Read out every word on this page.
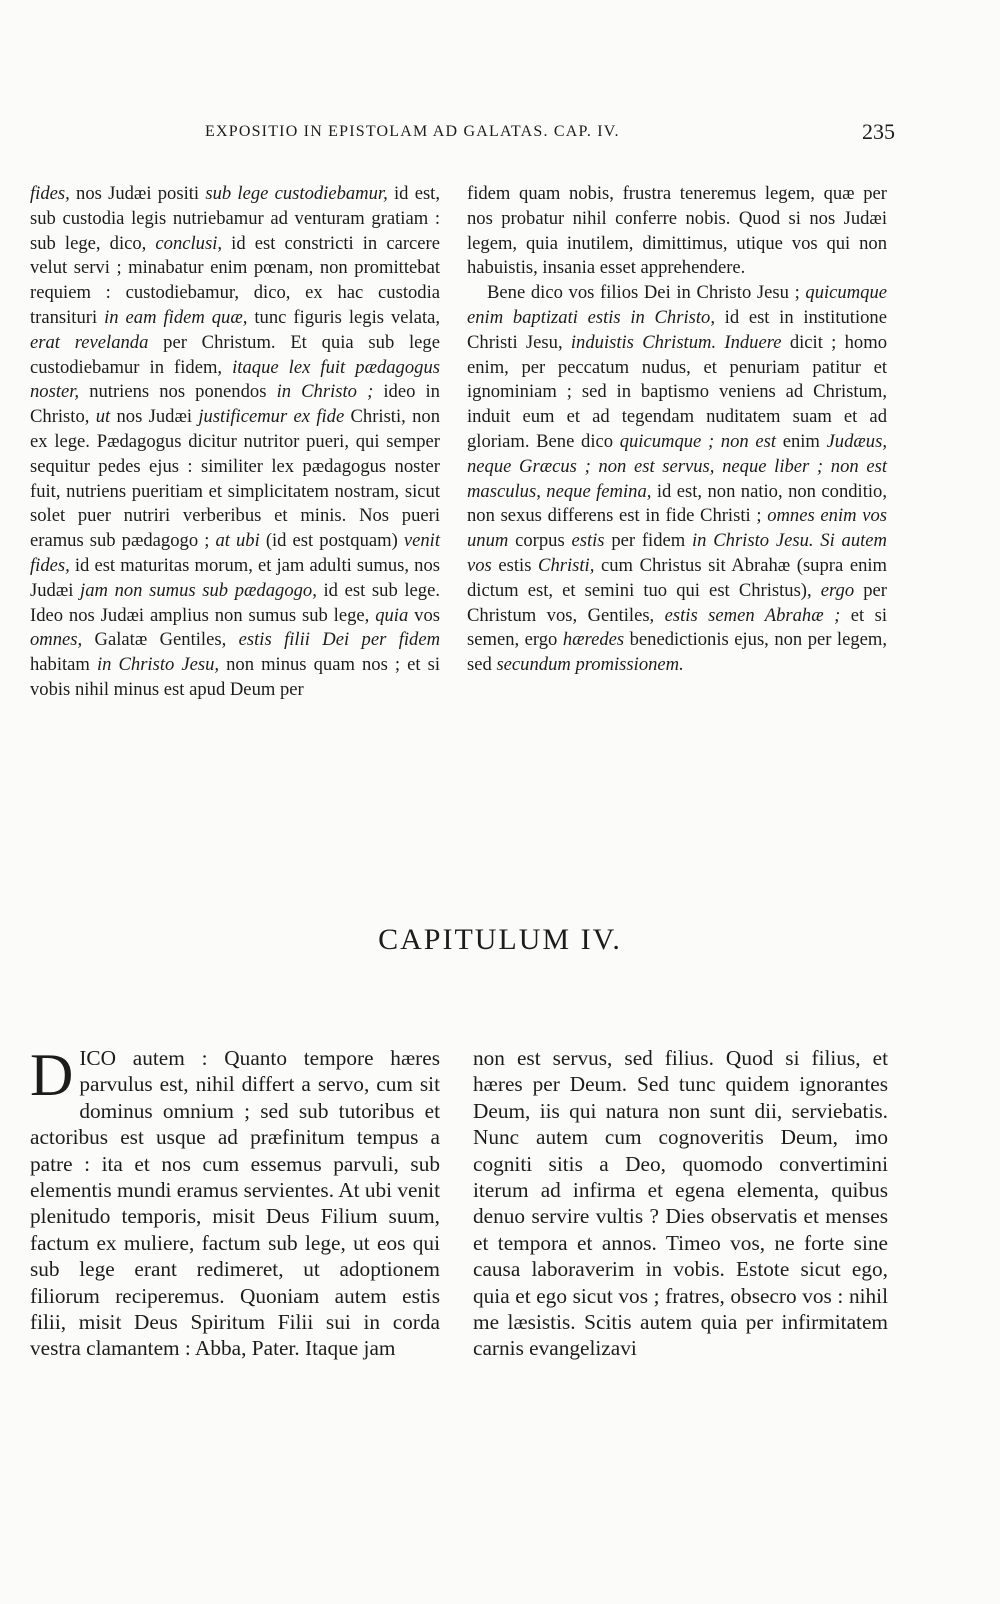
EXPOSITIO IN EPISTOLAM AD GALATAS. CAP. IV.	235

fides, nos Judæi positi sub lege custodiebamur, id est, sub custodia legis nutriebamur ad venturam gratiam : sub lege, dico, conclusi, id est constricti in carcere velut servi ; minabatur enim pœnam, non promittebat requiem : custodiebamur, dico, ex hac custodia transituri in eam fidem quæ, tunc figuris legis velata, erat revelanda per Christum. Et quia sub lege custodiebamur in fidem, itaque lex fuit pædagogus noster, nutriens nos ponendos in Christo ; ideo in Christo, ut nos Judæi justificemur ex fide Christi, non ex lege. Pædagogus dicitur nutritor pueri, qui semper sequitur pedes ejus : similiter lex pædagogus noster fuit, nutriens pueritiam et simplicitatem nostram, sicut solet puer nutriri verberibus et minis. Nos pueri eramus sub pædagogo ; at ubi (id est postquam) venit fides, id est maturitas morum, et jam adulti sumus, nos Judæi jam non sumus sub pædagogo, id est sub lege. Ideo nos Judæi amplius non sumus sub lege, quia vos omnes, Galatæ Gentiles, estis filii Dei per fidem habitam in Christo Jesu, non minus quam nos ; et si vobis nihil minus est apud Deum per

fidem quam nobis, frustra teneremus legem, quæ per nos probatur nihil conferre nobis. Quod si nos Judæi legem, quia inutilem, dimittimus, utique vos qui non habuistis, insania esset apprehendere.

Bene dico vos filios Dei in Christo Jesu ; quicumque enim baptizati estis in Christo, id est in institutione Christi Jesu, induistis Christum. Induere dicit ; homo enim, per peccatum nudus, et penuriam patitur et ignominiam ; sed in baptismo veniens ad Christum, induit eum et ad tegendam nuditatem suam et ad gloriam. Bene dico quicumque ; non est enim Judæus, neque Græcus ; non est servus, neque liber ; non est masculus, neque femina, id est, non natio, non conditio, non sexus differens est in fide Christi ; omnes enim vos unum corpus estis per fidem in Christo Jesu. Si autem vos estis Christi, cum Christus sit Abrahæ (supra enim dictum est, et semini tuo qui est Christus), ergo per Christum vos, Gentiles, estis semen Abrahæ ; et si semen, ergo hæredes benedictionis ejus, non per legem, sed secundum promissionem.

CAPITULUM IV.

DICO autem : Quanto tempore hæres parvulus est, nihil differt a servo, cum sit dominus omnium ; sed sub tutoribus et actoribus est usque ad præfinitum tempus a patre : ita et nos cum essemus parvuli, sub elementis mundi eramus servientes. At ubi venit plenitudo temporis, misit Deus Filium suum, factum ex muliere, factum sub lege, ut eos qui sub lege erant redimeret, ut adoptionem filiorum reciperemus. Quoniam autem estis filii, misit Deus Spiritum Filii sui in corda vestra clamantem : Abba, Pater. Itaque jam

non est servus, sed filius. Quod si filius, et hæres per Deum. Sed tunc quidem ignorantes Deum, iis qui natura non sunt dii, serviebatis. Nunc autem cum cognoveritis Deum, imo cogniti sitis a Deo, quomodo convertimini iterum ad infirma et egena elementa, quibus denuo servire vultis ? Dies observatis et menses et tempora et annos. Timeo vos, ne forte sine causa laboraverim in vobis. Estote sicut ego, quia et ego sicut vos ; fratres, obsecro vos : nihil me læsistis. Scitis autem quia per infirmitatem carnis evangelizavi
